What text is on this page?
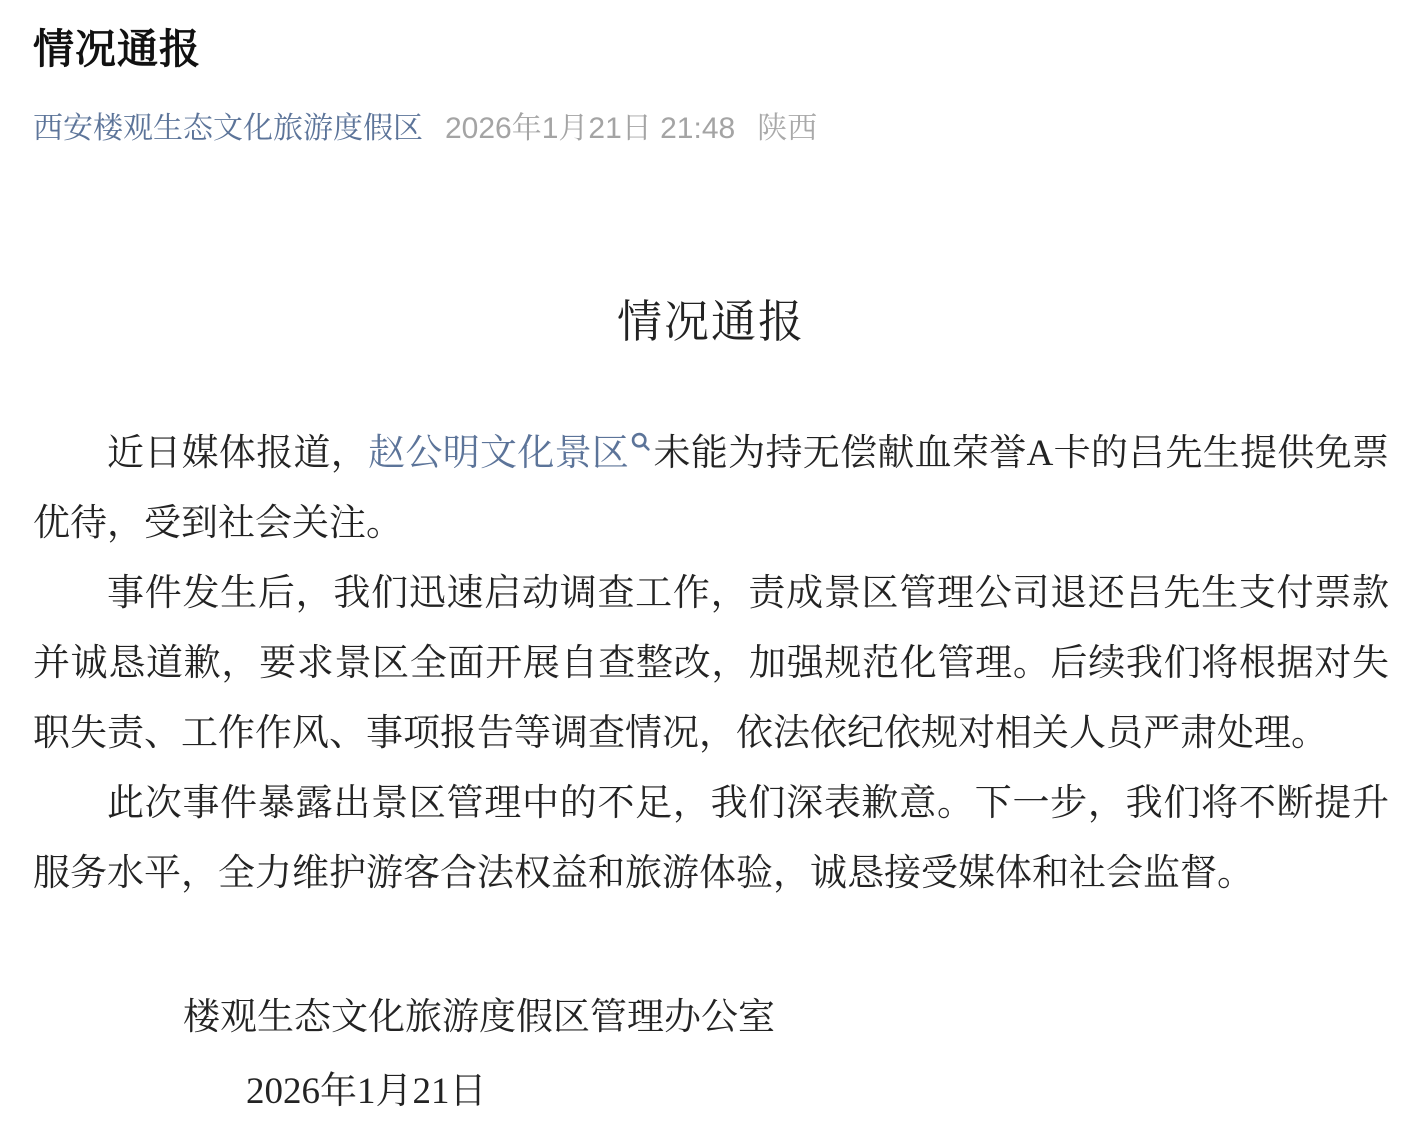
情况通报
西安楼观生态文化旅游度假区 2026年1月21日 21:48 陕西
情况通报

近日媒体报道，赵公明文化景区 未能为持无偿献血荣誉A卡的吕先生提供免票优待，受到社会关注。

事件发生后，我们迅速启动调查工作，责成景区管理公司退还吕先生支付票款并诚恳道歉，要求景区全面开展自查整改，加强规范化管理。后续我们将根据对失职失责、工作作风、事项报告等调查情况，依法依纪依规对相关人员严肃处理。

此次事件暴露出景区管理中的不足，我们深表歉意。下一步，我们将不断提升服务水平，全力维护游客合法权益和旅游体验，诚恳接受媒体和社会监督。

楼观生态文化旅游度假区管理办公室

2026年1月21日
